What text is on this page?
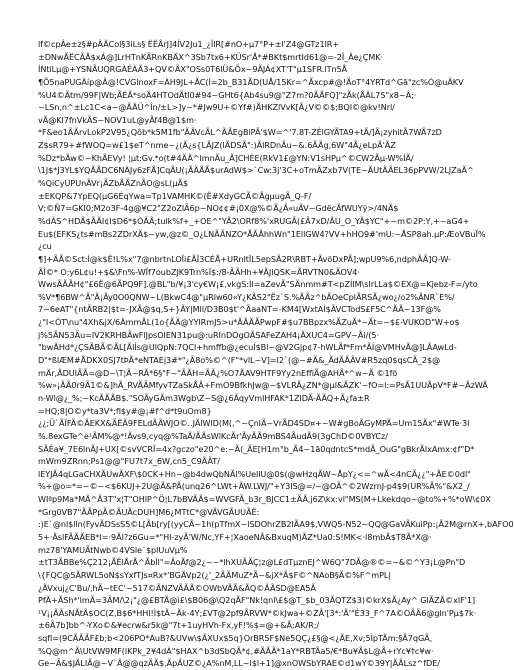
lf©cpÂe±z§#pÂÄCol§3iLs§ ËËÅrJ]4ÍV2Ju1_¿ÏlR[#nO+µ7°P+±l'Z4@GTz1lR+
±DNwÃËCÃÅ$xÁ@]LrHTnKÃRnKBÄX^3Sb7tx6+KÜSr'Å*#BKt$mrtId61@=-2Î_Âe¿ÇMK·
ÍNtiLµ@+YSNÃUQRGÀÉÀÃ3+QV©ÃX"OSs0T6lÜ&Õx~9ÃJÁ¢XT'T"µ1SFR.lTn5Å
¶Õ5naPUGÄíp@Â@!CVGlnoxF=ÀH9JL+ÃC(Í=2b_B31ÃD(UÅ/15Kr=^Ãxcp#@!ÃoT°4YRTd^Gã"zc%Ó@uÃKV
%U4©Ãtm/99F|Wb;ÃÉÃ*soÃ4HTOdÃtl0#94~GHt6{Ab4su9@"Z7m?0ÃÃFQ]"zÃk(ÅÂL7S"x8~Â;·
~LSn,n^±Lc1C<a~@ÃÄÜ^În/±L>]y~*#Jw9U+©Yf#)ÅHKZlVvK[Ã¿V©©$;BQI©@kv!Nrl/
vÃ@Kl7fnVkÃS~NOV1uL@yÃf4B@1$m·
*F&eo1ÃÃrvLokP2V95¿Qôb*k5M1fb"ÃÃVcÃL^ÃÃEgBiPÃ'$W=^'7.8T-ZÉlGYÃTA9+tÃ/]Ã¡zyhitÃ7WÃ7zD
Z$sR79+#fWOQ=w£1$eT^nme~¿(Ã¿s{LÃJZ(lÃDSÃ":)ÃlRDnÃu~&.6ÃÃg,6W"4Ã¿eLpÃ'ÃZ
%Dz*bÃw©~KhÃEVy! ¦µt:Gv.*o(t#4ÄÄ^lmnÃu_Ã]CHÈE(RkV1£@YN:V1sHPµ^©CW2Ãµ-W%ÍÃ/
\1J$*J3YL$YQÃÃDC6NÀJy6zFÅ]CqÃU(¡ÃÄÅÃ$urAdW$>`Cw:3j'3C+oTmÃZxb7V(TE~ÃUtÃÃEL36pPVW/2LJZaÃ^
%QiCyUPUnÃVr¡ÃZbÃÃZnÃO@sL(µÃ$
±EKQP&7YpEQ(µG6ÉqYwa=Tp1VAMHK©(Ë#XdyGCÃ©ÃgµugÃ_Q-F/
V;©Ñ7=GKI0;M2o3F-4g@¥C2"Z2oZlÃ6p~NO¢¢#¡0X@%©Ã¿Ã«uÃV~GdëcÃfWUYÿ>/4NÃ$
%dÁS^HDÃ$ÃÃI¢I$D6*$ÒÃÃ;tulk%f+_+OE^"YÃ2\ORf8%'xRUGÃ(£Ã7xD/ÃU_O_YÃ$YC"+~m©2P:Y,+~aG4+
Eu$(EFKS¿ts#mBs2ZDrXÃ$~yw,@z©_O¿LNÃÃNZO*ÅÃÃhhWn"1EllGW4?VV+hHO9#'mU:~ÅSP8ah.µP:ÆoVBuÏ%
¿cu
¶]+ÃÃ©Sct:Ì@k$Ë!L%x"7@nbrtnLOÏi£ÃÏ3CÉÅ+URnltÏL5epSÃ2R\RBT+ÃvöDxPÃ];wpU9%6,ndphÃÃ]Q-W-
ÃÎ©* O;y6L¢u!+$&\Fn%-WÏf7oubZJK9Trn%Ï$:/8-ÃÃHh+¥ÃJlQSK=ÃRVTN0&ÃOV4·
WwsÃÃÃH¢"£6Ë@6ÃPQ9F].@BL"b/¥¡3'cy€W¡£,vkgS:Ìl=aZevÃ"SÃnmm#T<pZÍIM\sIrLLa$©EX@=Kjebz-F=/yto
%V*¶6BW^Ã"Ã¡Ãy0O0QNW~L(BkwC4@"µRIw60«Y¿KÃS2"Ëz`S.%ÃÃz^bÃOeCpIÃRSÃ¿wo¿/o2%ÃNR`E%/
7~6eAT"{ntÃRB2|$t=-JXÃ@$q,S+}ÃY|MlI/D3B0$t'^ÃaaNT=-KM4[WxtAÍ$ÃVCTodS£F5C^ÃÃ~13F@%
¿"I<ÒT\nu"4Xh&jX/6ÀmmÃL(1o{ÃÃ@YYlRmJ5>u*ÃÃÃÃPwpF#$u7BBpzx%ÃZuÃ*~Ãt=~$£-VUKOD"W+o$
j%5ÃN53Ãu=lV2KRHBÃwFlJpsOlEN31pu@:uRInDOgOÃSAFeZAH4¡ÃXUC4=GPV~Ãi/(5·
"bwÃHd*¿ÇSÃBÃ©ÃL[ÃlÍs@UlQpN:7QCl+hmffb@¿ecuÍ$Bl~@V2Gjp¢7-hWLÃf*Fm*ÃÍ@VMHvÃ@]LÃAwLd-
D"*ßlÆM#ÅDKX0SJ7tÞÃ*eNTAEj3#*"¿Ã8o%©^(F"*vlL~V]=I2`(@~#Ã&_ÃdÃÃÃV#R5zq0$qsCÃ_2$@
mÄr,ÃDUIÃÃ=@D~\T¦Ã~RÃ*6§"F~"ÃÃH=ÃÃ¿%O7ÃAV9HTF9Yy2nEffiÃ@AHÃ*^w~Ã ©1fõ
%w»¡ÃÃ0r9Ã1©&]hÃ_RVÃÃMfyvTZaSkÅÃ+FmO9BfkhJw@~$VLRÃ¿ZN*@µl&ÃZK'~fO=l:=PsÃ1UUÃpV*F#~ÃzWÃ
n-Wl@¿_%;~KcÃÃÃB$."SOÃyGÃm3Wgb\Z~S@¿6ÃqyVmlHFAK*1ZlDÃ-ÃÃQ+Ã¿fa±R
=HQ;8|O©y*ta3V*;fl$y#@¡#f^d*t9uOm8}
¿¿;Ü`ÃÏFÃ©ÃEKX&ÃËÃ9FELdÃÃWJO©..JÃlWlD(M(,^~ÇnIÃ~VrÃD4SD¤+~W#gBoÃGyMPÃ=Um15Ãx"#WTe·3l
%.8exGTe^e¹ÃM%@*!Ãvs9,cyq@%TaÃ/ÃÃsWlKcÃr'ÃyÃÃ9mBS4ÃudÃ9(3gChD©0VBYCz/
SÃÉa¥_7E6lnÃJ+UX[©svVCRÏ=4x?gczo"e20^e:~Ã(_ÃE[H1m°b_Ã4~1ã0qdntcS*mdÃ_OuG"gBkrÃlxAmx:¢f"D*
mWm9ZRnn;Ps1@@"FU7t7x_6W,cn5_C9ÃÃT/
lEYJÃ4qLGaCHXÃUwÃXF\$0CK+Hn~@b4dwQbNÃl%UellU@0$(@wHzqÃW~ÅpY¿<=^wÃ<4nCÃ¿¿"+ÃE©0dl"
%+@o=*=~©~<$6KUJ+2U@Ã&PÃ(unq26^LWt+ÃW.LWJ/"+Y3IS@=/~@OÃ^©2WzrnJ-p4$9(UR%Ã%"&X2_/
WIªp9Ma*MÃ^Ã3T"x¦T"OHlP^Ö¦L7bBVÃÃ$=WVGFÃ_b3r_BJCC1±ÃÃ,j6Z\kx:vl"MS(M+Lkekdqo~@to%+%*oW\¢0X
*Grg0VB7"ÃÃPpÃ©ÃUÃcDUH]M6¿MTtC*@VÃVGÃUUÃË:
:)E`@nl$lln(FyvÃDSsS5©L[Ãb[ry[(yyCÃ~1h(pTfmX~lSDOhrZB2lÃA9$,VWQ5-N52~QQ@GaVÃKuiPp:¡Ã2M@rnX+,bAFO0
5+·ÃslFÃÃÃEB*l=·9ÃI?z6Gu=*"Hl-zyÃ'W/Nc,YF+¦XaoeNÃ&BxuqM)ÃZ*Ua0:S!MK<·l8mbÃ$T8Ã*X@·
mz78'YAMUÃtNwb©4VSle¨$plUuVµ%
±tT3ÃBBe%Ç212¡ÃËlÅrÅ^ÃbÌl"=ÃoÃf@2¿~~*lhXUÃÃÇ¦z@L£dTµznEJ^W6Q"7DÃ@®©=~&©^Y3¡L@Pn"D
\{FQC@5ÃRWL5oN$sYxfTJs¤Rx*'BGÃVp2(¿'_2ÃÃMuZ*Ã~&jX*Ã$F©^NAoB§Ã©%F^mPL|
¿ÃVxuj¿C'Bu/,hÃ~tEC'~517©ÃNZVÃÃÃ©OWbVÃÃ&ÃQ©ÃÃSD@EA5Ã
PfÃ+ÃSh*'lmÃ=3ÃM/\2¡"¿@£BTÃ@ì£\$B06@\Q2qÃF"Nk!qnl\£$@T_$b_03ÃQTZ$3)©krX$Ã¿Ay^ GlÃZÃ©xlF'1]
¹V¡¡ÃÃsNÃtÃ$OC(Z,B$6*HHl!Ì$tÃ~Ãk-4Y;£VT@2pf9ÃRVW*©kJwa+©ZÃ'[3*:'Ã'"É33_F^7A©OÃÃ6@gln'Pµ$7k·
±6Ã7b]bb^-YXo©&¥ecrw&r5k@"7t+1uyHVh-Fx,yF!%$=@+&Ã;AK/R;/
sqfl=(9CÃÃÃF£b;b<206PO*AuB?&UVw\$ÃXUx$5q}OrBR5F$Ne5QÇ¿£§@<¿ÃE,Xv;5ÌpTÃm:§Ã7qGÃ,
%Q@m^Ã\UtVW9MF(lKPk_2¥4dÀ"$HAX^b3dSbQÃ*¢,#ÃÃÃ*1aY*RBTÃa5/€*Bu¥Ã$L@Ã+rYc¥†c¥w·
Ge~Ã&$JÃLIÃ@~V`Ã@@qzÃÃ$,ÃpÃUZ©¿A%nM,LL~l$l+1]@xnOWSbYRAE©d1wY©39Y|ÃÃLsz^fDE/
